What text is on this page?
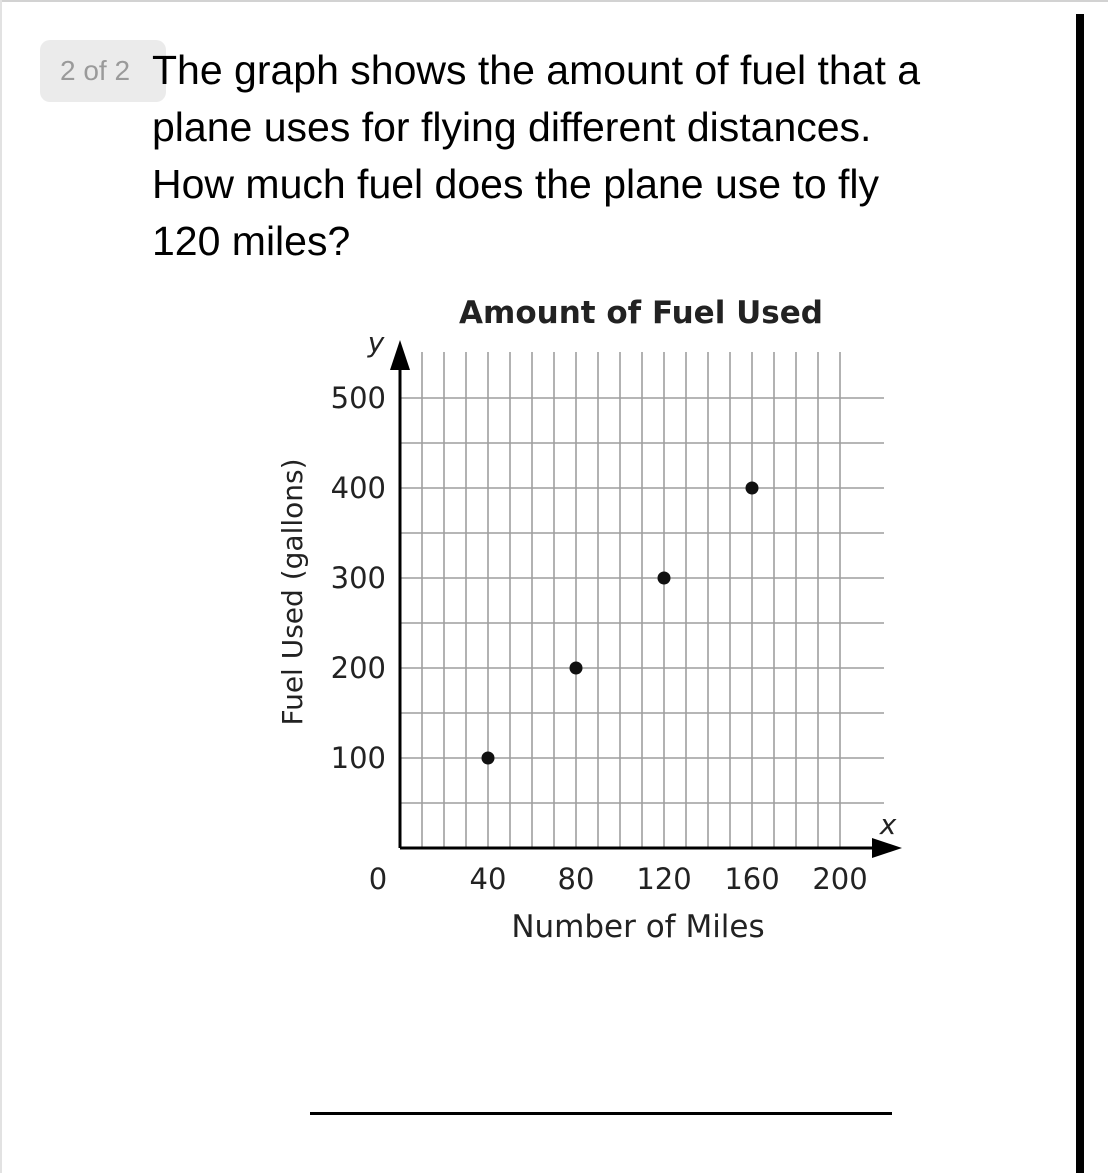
2 of 2 The graph shows the amount of fuel that a
plane uses for flying different distances.
How much fuel does the plane use to fly
120 miles?

40 80 120 160 200
100
200
300
400
500
Amount of Fuel Used
Number of Miles
Fuel Used (gallons)
x
y
0
